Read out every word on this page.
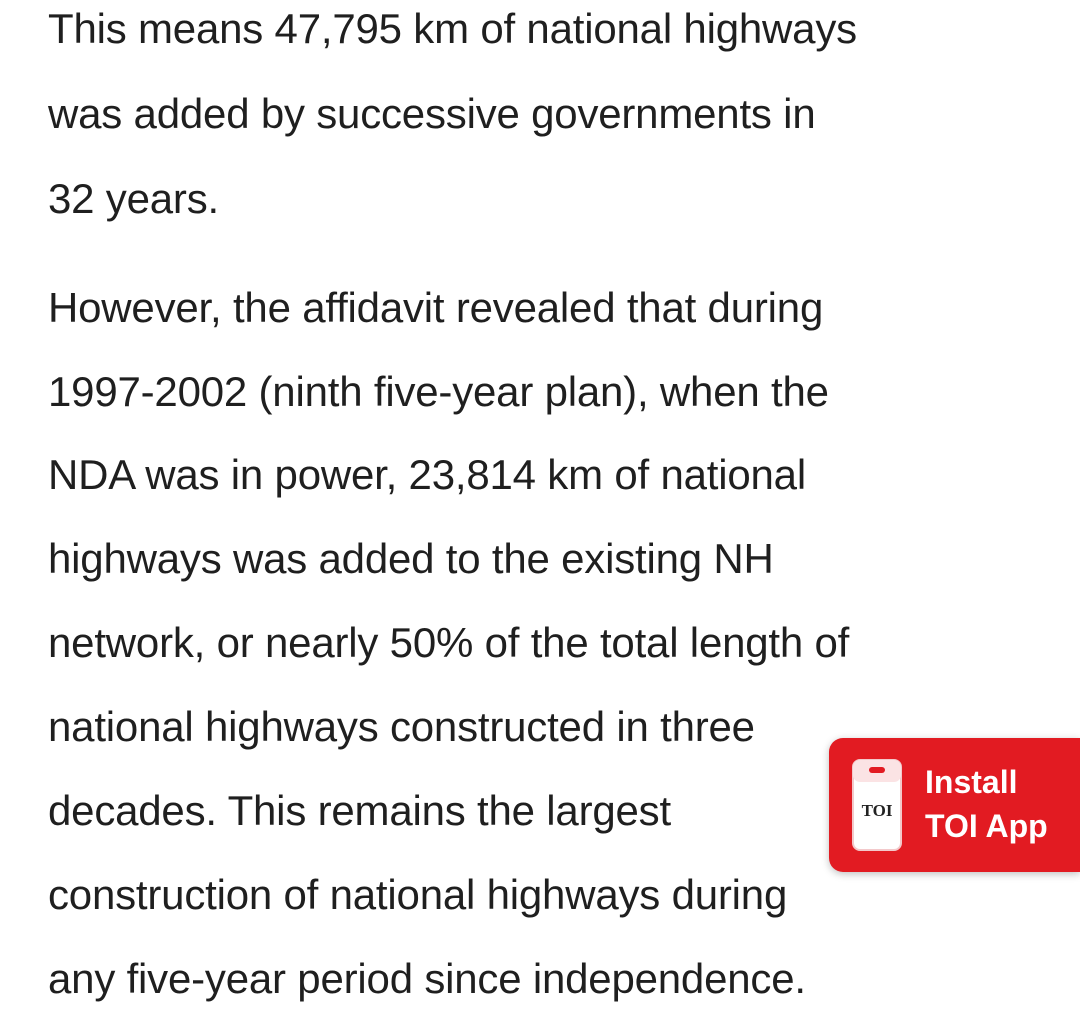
This means 47,795 km of national highways
was added by successive governments in
32 years.
However, the affidavit revealed that during
1997-2002 (ninth five-year plan), when the
NDA was in power, 23,814 km of national
highways was added to the existing NH
network, or nearly 50% of the total length of
national highways constructed in three
decades. This remains the largest
construction of national highways during
any five-year period since independence.
TOI
Install
TOI App
